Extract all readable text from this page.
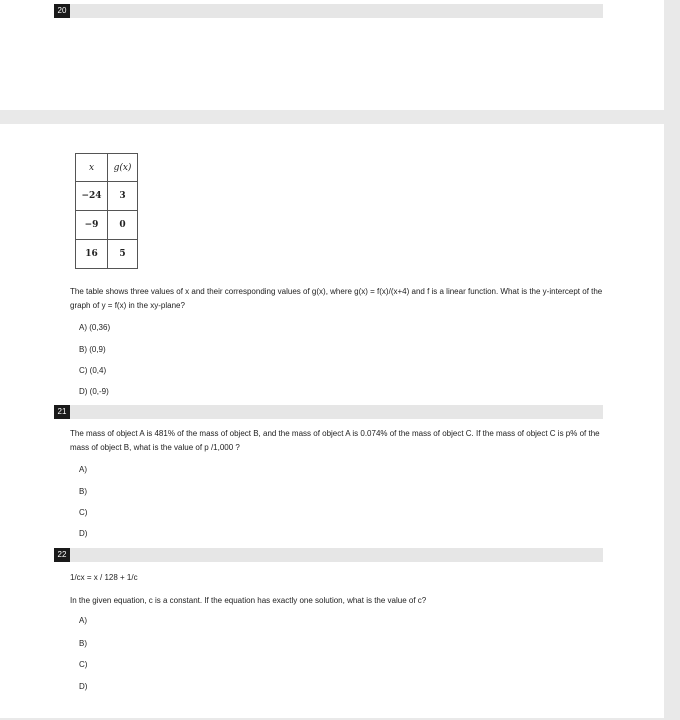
20
x	g(x)
−24	3
−9	0
16	5
The table shows three values of x and their corresponding values of g(x), where g(x) = f(x)/(x+4) and f is a linear function. What is the y-intercept of the graph of y = f(x) in the xy-plane?
A) (0,36)
B) (0,9)
C) (0,4)
D) (0,-9)
21
The mass of object A is 481% of the mass of object B, and the mass of object A is 0.074% of the mass of object C. If the mass of object C is p% of the mass of object B, what is the value of p /1,000 ?
A)
B)
C)
D)
22
1/cx = x / 128 + 1/c
In the given equation, c is a constant. If the equation has exactly one solution, what is the value of c?
A)
B)
C)
D)
